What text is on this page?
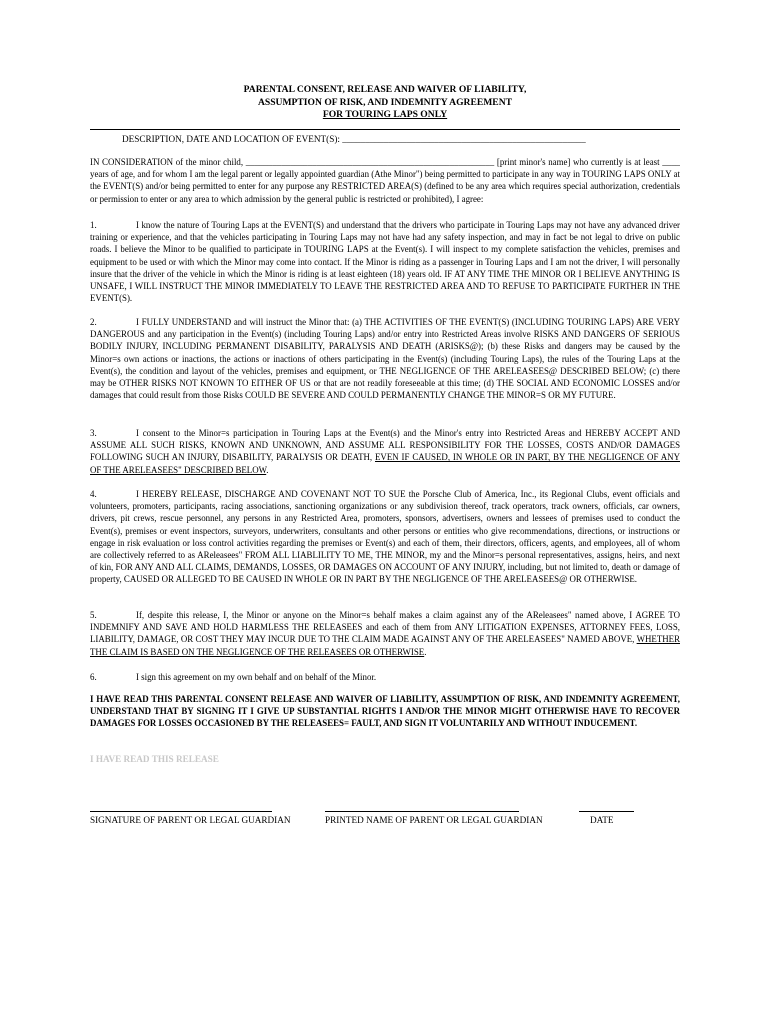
PARENTAL CONSENT, RELEASE AND WAIVER OF LIABILITY,
ASSUMPTION OF RISK, AND INDEMNITY AGREEMENT
FOR TOURING LAPS ONLY
DESCRIPTION, DATE AND LOCATION OF EVENT(S): _____________________________________________________
IN CONSIDERATION of the minor child, ________________________________________________________ [print minor's name] who currently is at least ____ years of age, and for whom I am the legal parent or legally appointed guardian (Athe Minor") being permitted to participate in any way in TOURING LAPS ONLY at the EVENT(S) and/or being permitted to enter for any purpose any RESTRICTED AREA(S) (defined to be any area which requires special authorization, credentials or permission to enter or any area to which admission by the general public is restricted or prohibited), I agree:
1.	I know the nature of Touring Laps at the EVENT(S) and understand that the drivers who participate in Touring Laps may not have any advanced driver training or experience, and that the vehicles participating in Touring Laps may not have had any safety inspection, and may in fact be not legal to drive on public roads. I believe the Minor to be qualified to participate in TOURING LAPS at the Event(s). I will inspect to my complete satisfaction the vehicles, premises and equipment to be used or with which the Minor may come into contact. If the Minor is riding as a passenger in Touring Laps and I am not the driver, I will personally insure that the driver of the vehicle in which the Minor is riding is at least eighteen (18) years old. IF AT ANY TIME THE MINOR OR I BELIEVE ANYTHING IS UNSAFE, I WILL INSTRUCT THE MINOR IMMEDIATELY TO LEAVE THE RESTRICTED AREA AND TO REFUSE TO PARTICIPATE FURTHER IN THE EVENT(S).
2.	I FULLY UNDERSTAND and will instruct the Minor that: (a) THE ACTIVITIES OF THE EVENT(S) (INCLUDING TOURING LAPS) ARE VERY DANGEROUS and any participation in the Event(s) (including Touring Laps) and/or entry into Restricted Areas involve RISKS AND DANGERS OF SERIOUS BODILY INJURY, INCLUDING PERMANENT DISABILITY, PARALYSIS AND DEATH (ARISKS@); (b) these Risks and dangers may be caused by the Minor=s own actions or inactions, the actions or inactions of others participating in the Event(s) (including Touring Laps), the rules of the Touring Laps at the Event(s), the condition and layout of the vehicles, premises and equipment, or THE NEGLIGENCE OF THE ARELEASEES@ DESCRIBED BELOW; (c) there may be OTHER RISKS NOT KNOWN TO EITHER OF US or that are not readily foreseeable at this time; (d) THE SOCIAL AND ECONOMIC LOSSES and/or damages that could result from those Risks COULD BE SEVERE AND COULD PERMANENTLY CHANGE THE MINOR=S OR MY FUTURE.
3.	I consent to the Minor=s participation in Touring Laps at the Event(s) and the Minor's entry into Restricted Areas and HEREBY ACCEPT AND ASSUME ALL SUCH RISKS, KNOWN AND UNKNOWN, AND ASSUME ALL RESPONSIBILITY FOR THE LOSSES, COSTS AND/OR DAMAGES FOLLOWING SUCH AN INJURY, DISABILITY, PARALYSIS OR DEATH, EVEN IF CAUSED, IN WHOLE OR IN PART, BY THE NEGLIGENCE OF ANY OF THE ARELEASEES" DESCRIBED BELOW.
4.	I HEREBY RELEASE, DISCHARGE AND COVENANT NOT TO SUE the Porsche Club of America, Inc., its Regional Clubs, event officials and volunteers, promoters, participants, racing associations, sanctioning organizations or any subdivision thereof, track operators, track owners, officials, car owners, drivers, pit crews, rescue personnel, any persons in any Restricted Area, promoters, sponsors, advertisers, owners and lessees of premises used to conduct the Event(s), premises or event inspectors, surveyors, underwriters, consultants and other persons or entities who give recommendations, directions, or instructions or engage in risk evaluation or loss control activities regarding the premises or Event(s) and each of them, their directors, officers, agents, and employees, all of whom are collectively referred to as AReleasees" FROM ALL LIABLILITY TO ME, THE MINOR, my and the Minor=s personal representatives, assigns, heirs, and next of kin, FOR ANY AND ALL CLAIMS, DEMANDS, LOSSES, OR DAMAGES ON ACCOUNT OF ANY INJURY, including, but not limited to, death or damage of property, CAUSED OR ALLEGED TO BE CAUSED IN WHOLE OR IN PART BY THE NEGLIGENCE OF THE ARELEASEES@ OR OTHERWISE.
5.	If, despite this release, I, the Minor or anyone on the Minor=s behalf makes a claim against any of the AReleasees" named above, I AGREE TO INDEMNIFY AND SAVE AND HOLD HARMLESS THE RELEASEES and each of them from ANY LITIGATION EXPENSES, ATTORNEY FEES, LOSS, LIABILITY, DAMAGE, OR COST THEY MAY INCUR DUE TO THE CLAIM MADE AGAINST ANY OF THE ARELEASEES" NAMED ABOVE, WHETHER THE CLAIM IS BASED ON THE NEGLIGENCE OF THE RELEASEES OR OTHERWISE.
6.	I sign this agreement on my own behalf and on behalf of the Minor.
I HAVE READ THIS PARENTAL CONSENT RELEASE AND WAIVER OF LIABILITY, ASSUMPTION OF RISK, AND INDEMNITY AGREEMENT, UNDERSTAND THAT BY SIGNING IT I GIVE UP SUBSTANTIAL RIGHTS I AND/OR THE MINOR MIGHT OTHERWISE HAVE TO RECOVER DAMAGES FOR LOSSES OCCASIONED BY THE RELEASEES= FAULT, AND SIGN IT VOLUNTARILY AND WITHOUT INDUCEMENT.
I HAVE READ THIS RELEASE
SIGNATURE OF PARENT OR LEGAL GUARDIAN	PRINTED NAME OF PARENT OR LEGAL GUARDIAN	DATE
